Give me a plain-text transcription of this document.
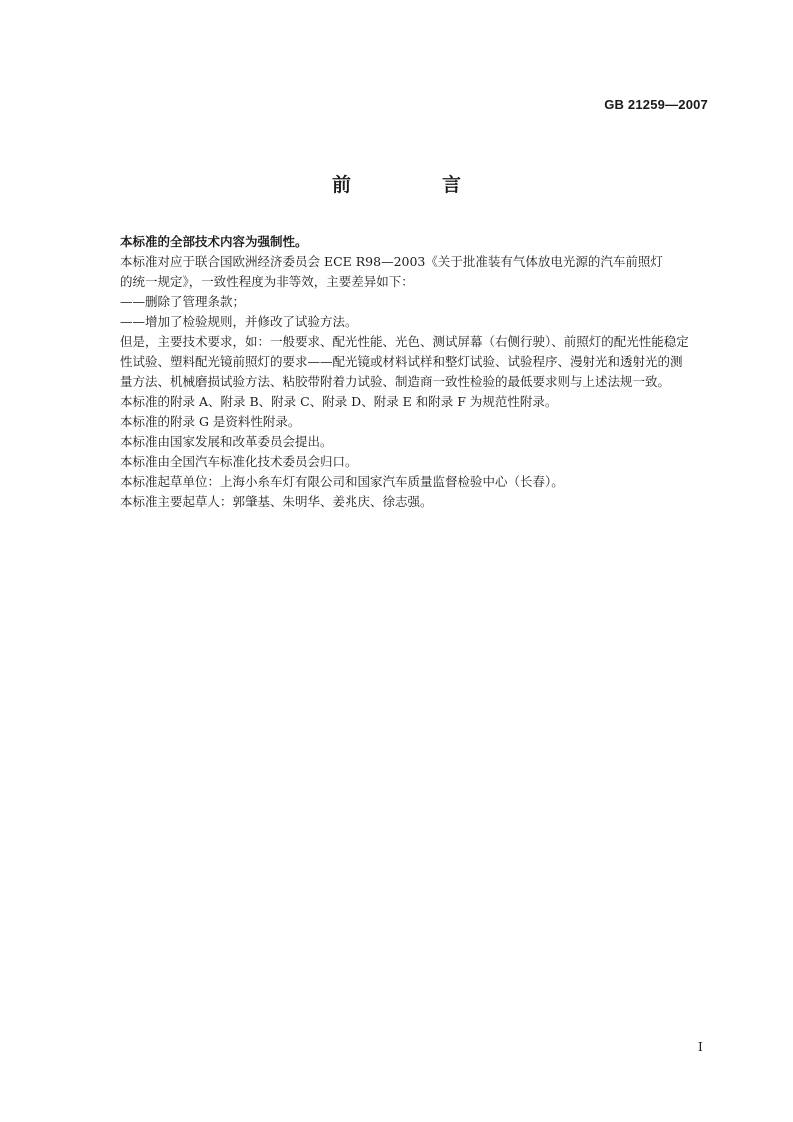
GB 21259—2007
前　言

本标准的全部技术内容为强制性。

本标准对应于联合国欧洲经济委员会 ECE R98—2003《关于批准装有气体放电光源的汽车前照灯

的统一规定》，一致性程度为非等效，主要差异如下：

——删除了管理条款；

——增加了检验规则，并修改了试验方法。

但是，主要技术要求，如：一般要求、配光性能、光色、测试屏幕（右侧行驶）、前照灯的配光性能稳定

性试验、塑料配光镜前照灯的要求——配光镜或材料试样和整灯试验、试验程序、漫射光和透射光的测

量方法、机械磨损试验方法、粘胶带附着力试验、制造商一致性检验的最低要求则与上述法规一致。

本标准的附录 A、附录 B、附录 C、附录 D、附录 E 和附录 F 为规范性附录。

本标准的附录 G 是资料性附录。

本标准由国家发展和改革委员会提出。

本标准由全国汽车标准化技术委员会归口。

本标准起草单位：上海小糸车灯有限公司和国家汽车质量监督检验中心（长春）。

本标准主要起草人：郭肇基、朱明华、姜兆庆、徐志强。

I
